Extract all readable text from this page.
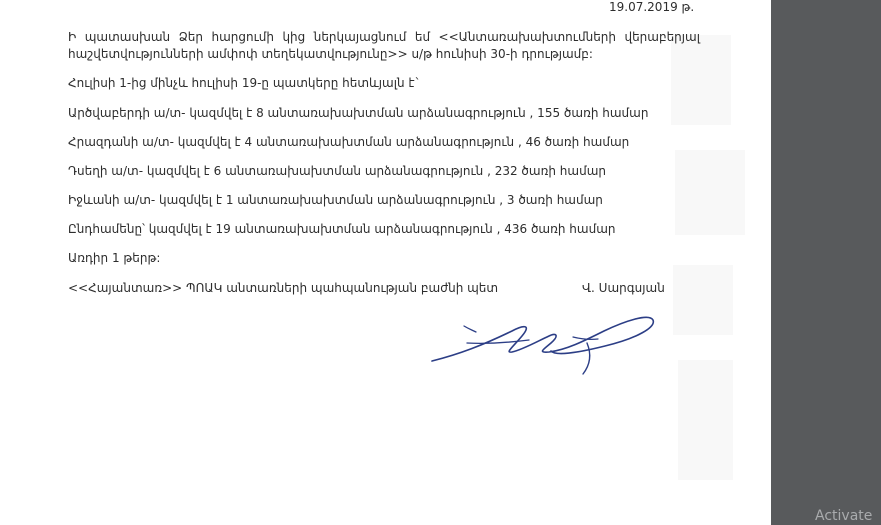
19.07.2019 թ.
Ի պատասխան Ձեր հարցումի կից ներկայացնում եմ <<Անտառախախտումների վերաբերյալ հաշվետվությունների ամփոփ տեղեկատվությունը>> ս/թ հունիսի 30-ի դրությամբ:
Հուլիսի 1-ից մինչև հուլիսի 19-ը պատկերը հետևյալն է`
Արծվաբերդի ա/տ- կազմվել է 8 անտառախախտման արձանագրություն , 155 ծառի համար
Հրազդանի ա/տ- կազմվել է 4 անտառախախտման արձանագրություն , 46 ծառի համար
Դսեղի ա/տ- կազմվել է 6 անտառախախտման արձանագրություն , 232 ծառի համար
Իջևանի ա/տ- կազմվել է 1 անտառախախտման արձանագրություն , 3 ծառի համար
Ընդհամենը՝ կազմվել է 19 անտառախախտման արձանագրություն , 436 ծառի համար
Առդիր 1 թերթ:
<<Հայանտառ>> ՊՈԱԿ անտառների պահպանության բաժնի պետ	Վ. Սարգսյան
Activate
